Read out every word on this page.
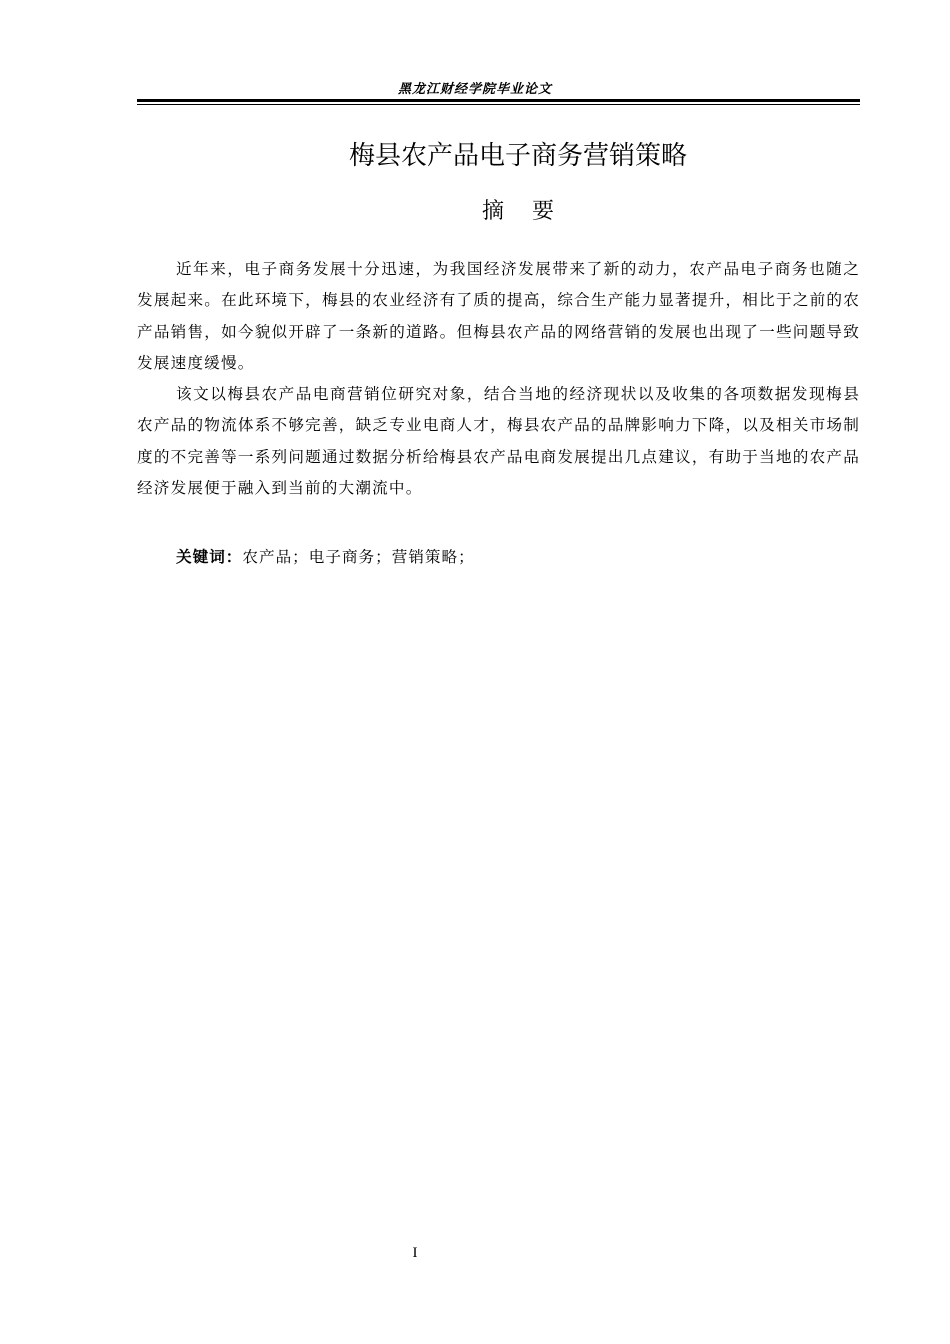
黑龙江财经学院毕业论文
梅县农产品电子商务营销策略
摘    要

近年来，电子商务发展十分迅速，为我国经济发展带来了新的动力，农产品电子商务也随之发展起来。在此环境下，梅县的农业经济有了质的提高，综合生产能力显著提升，相比于之前的农产品销售，如今貌似开辟了一条新的道路。但梅县农产品的网络营销的发展也出现了一些问题导致发展速度缓慢。

该文以梅县农产品电商营销位研究对象，结合当地的经济现状以及收集的各项数据发现梅县农产品的物流体系不够完善，缺乏专业电商人才，梅县农产品的品牌影响力下降，以及相关市场制度的不完善等一系列问题通过数据分析给梅县农产品电商发展提出几点建议，有助于当地的农产品经济发展便于融入到当前的大潮流中。

关键词：农产品；电子商务；营销策略；
I
